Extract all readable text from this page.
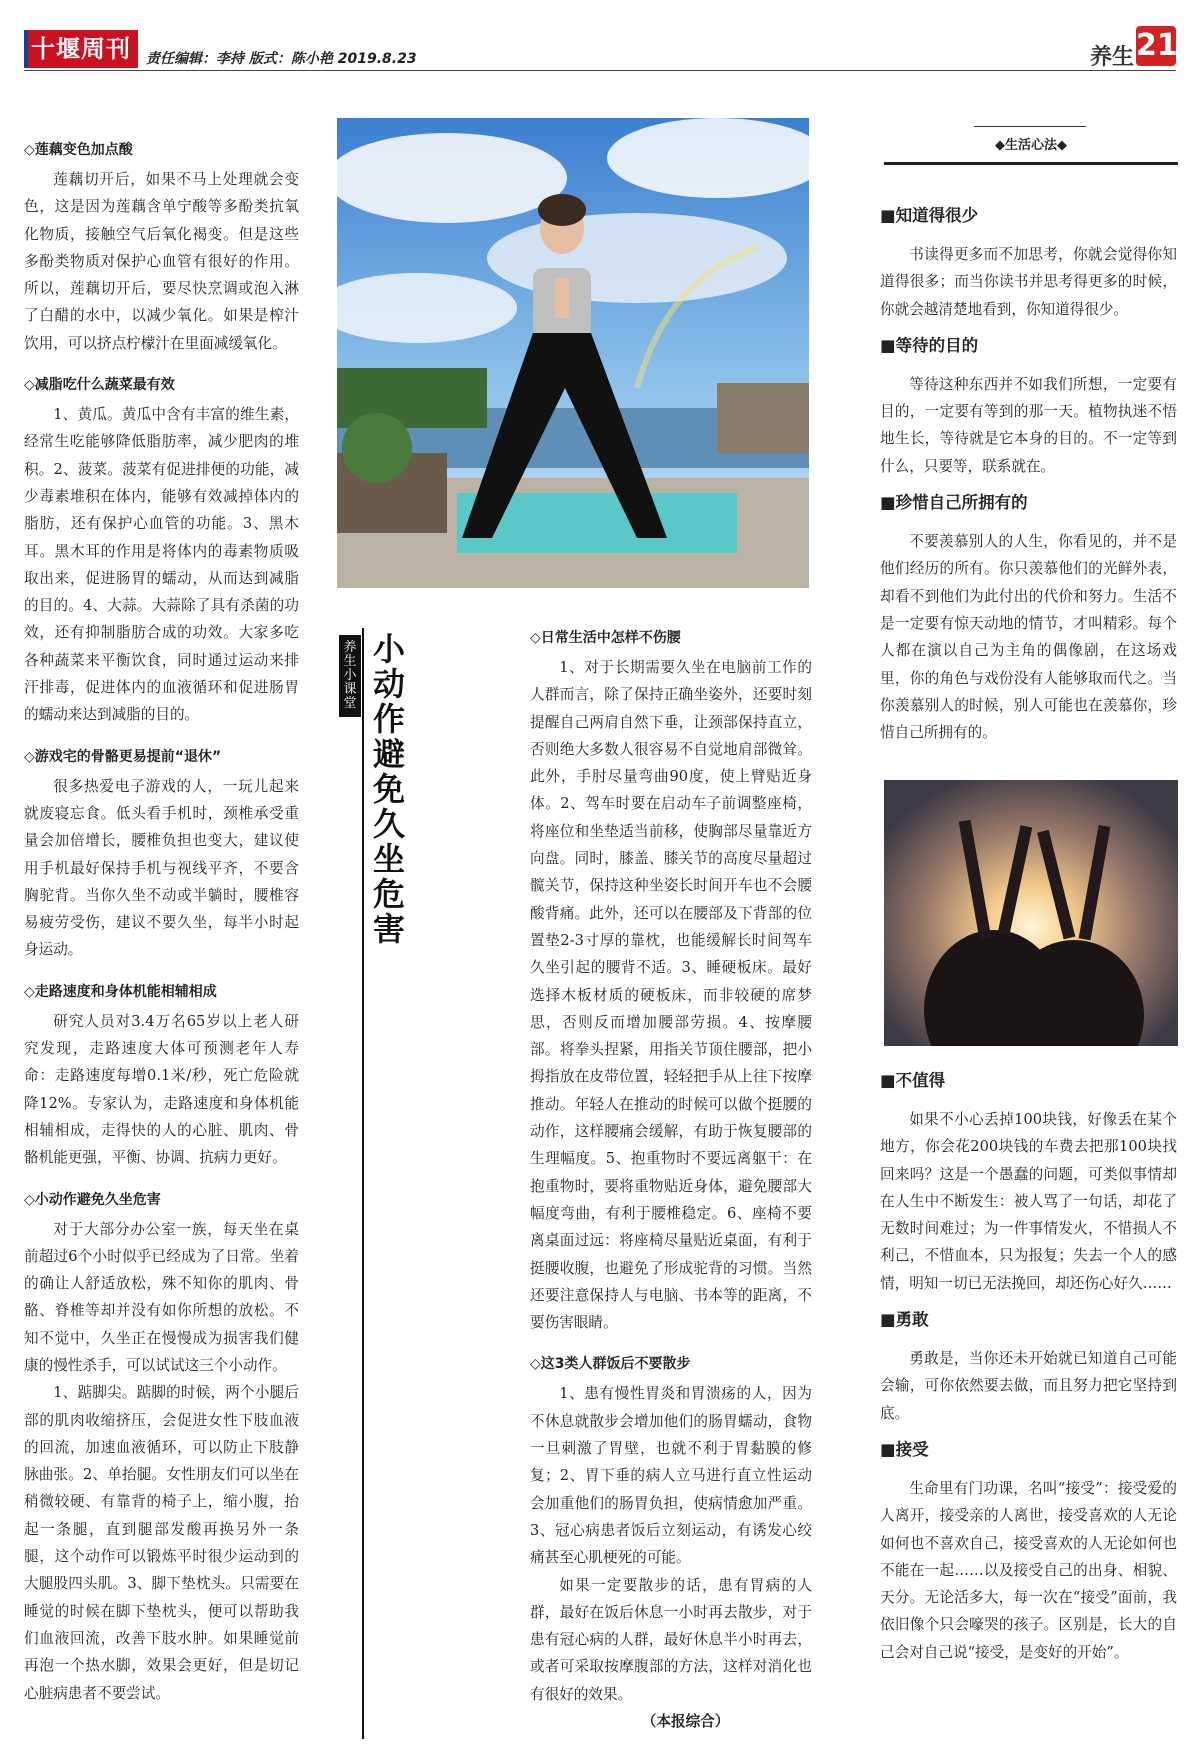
十堰周刊	责任编辑：李持 版式：陈小艳 2019.8.23	养生 21
◇莲藕变色加点酸

莲藕切开后，如果不马上处理就会变色，这是因为莲藕含单宁酸等多酚类抗氧化物质，接触空气后氧化褐变。但是这些多酚类物质对保护心血管有很好的作用。所以，莲藕切开后，要尽快烹调或泡入淋了白醋的水中，以减少氧化。如果是榨汁饮用，可以挤点柠檬汁在里面减缓氧化。

◇减脂吃什么蔬菜最有效

1、黄瓜。黄瓜中含有丰富的维生素，经常生吃能够降低脂肪率，减少肥肉的堆积。2、菠菜。菠菜有促进排便的功能，减少毒素堆积在体内，能够有效减掉体内的脂肪，还有保护心血管的功能。3、黑木耳。黑木耳的作用是将体内的毒素物质吸取出来，促进肠胃的蠕动，从而达到减脂的目的。4、大蒜。大蒜除了具有杀菌的功效，还有抑制脂肪合成的功效。大家多吃各种蔬菜来平衡饮食，同时通过运动来排汗排毒，促进体内的血液循环和促进肠胃的蠕动来达到减脂的目的。

◇游戏宅的骨骼更易提前“退休”

很多热爱电子游戏的人，一玩儿起来就废寝忘食。低头看手机时，颈椎承受重量会加倍增长，腰椎负担也变大，建议使用手机最好保持手机与视线平齐，不要含胸驼背。当你久坐不动或半躺时，腰椎容易疲劳受伤，建议不要久坐，每半小时起身运动。

◇走路速度和身体机能相辅相成

研究人员对3.4万名65岁以上老人研究发现，走路速度大体可预测老年人寿命：走路速度每增0.1米/秒，死亡危险就降12%。专家认为，走路速度和身体机能相辅相成，走得快的人的心脏、肌肉、骨骼机能更强，平衡、协调、抗病力更好。

◇小动作避免久坐危害

对于大部分办公室一族，每天坐在桌前超过6个小时似乎已经成为了日常。坐着的确让人舒适放松，殊不知你的肌肉、骨骼、脊椎等却并没有如你所想的放松。不知不觉中，久坐正在慢慢成为损害我们健康的慢性杀手，可以试试这三个小动作。

1、踮脚尖。踮脚的时候，两个小腿后部的肌肉收缩挤压，会促进女性下肢血液的回流，加速血液循环，可以防止下肢静脉曲张。2、单抬腿。女性朋友们可以坐在稍微较硬、有靠背的椅子上，缩小腹，抬起一条腿，直到腿部发酸再换另外一条腿，这个动作可以锻炼平时很少运动到的大腿股四头肌。3、脚下垫枕头。只需要在睡觉的时候在脚下垫枕头，便可以帮助我们血液回流，改善下肢水肿。如果睡觉前再泡一个热水脚，效果会更好，但是切记心脏病患者不要尝试。

养生小课堂
小动作避免久坐危害
◇日常生活中怎样不伤腰

1、对于长期需要久坐在电脑前工作的人群而言，除了保持正确坐姿外，还要时刻提醒自己两肩自然下垂，让颈部保持直立，否则绝大多数人很容易不自觉地肩部微耸。此外，手肘尽量弯曲90度，使上臂贴近身体。2、驾车时要在启动车子前调整座椅，将座位和坐垫适当前移，使胸部尽量靠近方向盘。同时，膝盖、膝关节的高度尽量超过髋关节，保持这种坐姿长时间开车也不会腰酸背痛。此外，还可以在腰部及下背部的位置垫2-3寸厚的靠枕，也能缓解长时间驾车久坐引起的腰背不适。3、睡硬板床。最好选择木板材质的硬板床，而非较硬的席梦思，否则反而增加腰部劳损。4、按摩腰部。将拳头捏紧，用指关节顶住腰部，把小拇指放在皮带位置，轻轻把手从上往下按摩推动。年轻人在推动的时候可以做个挺腰的动作，这样腰痛会缓解，有助于恢复腰部的生理幅度。5、抱重物时不要远离躯干：在抱重物时，要将重物贴近身体，避免腰部大幅度弯曲，有利于腰椎稳定。6、座椅不要离桌面过远：将座椅尽量贴近桌面，有利于挺腰收腹，也避免了形成驼背的习惯。当然还要注意保持人与电脑、书本等的距离，不要伤害眼睛。

◇这3类人群饭后不要散步

1、患有慢性胃炎和胃溃疡的人，因为不休息就散步会增加他们的肠胃蠕动，食物一旦刺激了胃壁，也就不利于胃黏膜的修复；2、胃下垂的病人立马进行直立性运动会加重他们的肠胃负担，使病情愈加严重。3、冠心病患者饭后立刻运动，有诱发心绞痛甚至心肌梗死的可能。

如果一定要散步的话，患有胃病的人群，最好在饭后休息一小时再去散步，对于患有冠心病的人群，最好休息半小时再去，或者可采取按摩腹部的方法，这样对消化也有很好的效果。

（本报综合）
◆生活心法◆
■知道得很少

书读得更多而不加思考，你就会觉得你知道得很多；而当你读书并思考得更多的时候，你就会越清楚地看到，你知道得很少。

■等待的目的

等待这种东西并不如我们所想，一定要有目的，一定要有等到的那一天。植物执迷不悟地生长，等待就是它本身的目的。不一定等到什么，只要等，联系就在。

■珍惜自己所拥有的

不要羡慕别人的人生，你看见的，并不是他们经历的所有。你只羡慕他们的光鲜外表，却看不到他们为此付出的代价和努力。生活不是一定要有惊天动地的情节，才叫精彩。每个人都在演以自己为主角的偶像剧，在这场戏里，你的角色与戏份没有人能够取而代之。当你羡慕别人的时候，别人可能也在羡慕你，珍惜自己所拥有的。

■不值得

如果不小心丢掉100块钱，好像丢在某个地方，你会花200块钱的车费去把那100块找回来吗？这是一个愚蠢的问题，可类似事情却在人生中不断发生：被人骂了一句话，却花了无数时间难过；为一件事情发火，不惜损人不利己，不惜血本，只为报复；失去一个人的感情，明知一切已无法挽回，却还伤心好久……

■勇敢

勇敢是，当你还未开始就已知道自己可能会输，可你依然要去做，而且努力把它坚持到底。

■接受

生命里有门功课，名叫“接受”：接受爱的人离开，接受亲的人离世，接受喜欢的人无论如何也不喜欢自己，接受喜欢的人无论如何也不能在一起……以及接受自己的出身、相貌、天分。无论活多大，每一次在“接受”面前，我依旧像个只会嚎哭的孩子。区别是，长大的自己会对自己说“接受，是变好的开始”。
